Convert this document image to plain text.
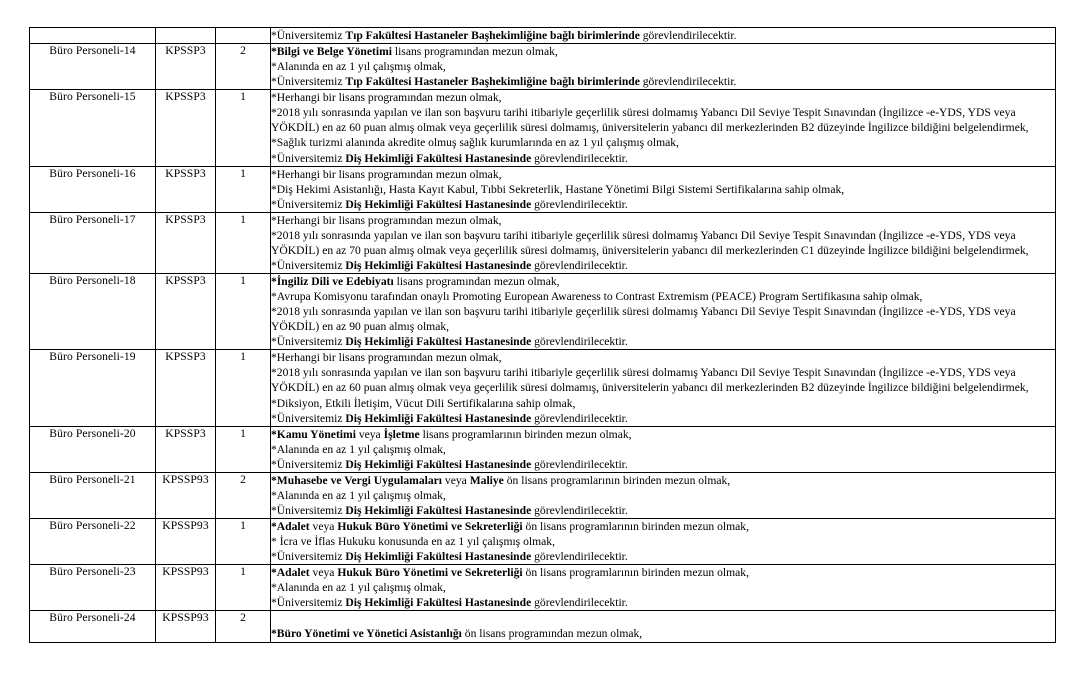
			*Üniversitemiz Tıp Fakültesi Hastaneler Başhekimliğine bağlı birimlerinde görevlendirilecektir.

Büro Personeli-14	KPSSP3	2	*Bilgi ve Belge Yönetimi lisans programından mezun olmak,
*Alanında en az 1 yıl çalışmış olmak,
*Üniversitemiz Tıp Fakültesi Hastaneler Başhekimliğine bağlı birimlerinde görevlendirilecektir.

Büro Personeli-15	KPSSP3	1	*Herhangi bir lisans programından mezun olmak,
*2018 yılı sonrasında yapılan ve ilan son başvuru tarihi itibariyle geçerlilik süresi dolmamış Yabancı Dil Seviye Tespit Sınavından (İngilizce -e-YDS, YDS veya YÖKDİL) en az 60 puan almış olmak veya geçerlilik süresi dolmamış, üniversitelerin yabancı dil merkezlerinden B2 düzeyinde İngilizce bildiğini belgelendirmek,
*Sağlık turizmi alanında akredite olmuş sağlık kurumlarında en az 1 yıl çalışmış olmak,
*Üniversitemiz Diş Hekimliği Fakültesi Hastanesinde görevlendirilecektir.

Büro Personeli-16	KPSSP3	1	*Herhangi bir lisans programından mezun olmak,
*Diş Hekimi Asistanlığı, Hasta Kayıt Kabul, Tıbbi Sekreterlik, Hastane Yönetimi Bilgi Sistemi Sertifikalarına sahip olmak,
*Üniversitemiz Diş Hekimliği Fakültesi Hastanesinde görevlendirilecektir.

Büro Personeli-17	KPSSP3	1	*Herhangi bir lisans programından mezun olmak,
*2018 yılı sonrasında yapılan ve ilan son başvuru tarihi itibariyle geçerlilik süresi dolmamış Yabancı Dil Seviye Tespit Sınavından (İngilizce -e-YDS, YDS veya YÖKDİL) en az 70 puan almış olmak veya geçerlilik süresi dolmamış, üniversitelerin yabancı dil merkezlerinden C1 düzeyinde İngilizce bildiğini belgelendirmek,
*Üniversitemiz Diş Hekimliği Fakültesi Hastanesinde görevlendirilecektir.

Büro Personeli-18	KPSSP3	1	*İngiliz Dili ve Edebiyatı lisans programından mezun olmak,
*Avrupa Komisyonu tarafından onaylı Promoting European Awareness to Contrast Extremism (PEACE) Program Sertifikasına sahip olmak,
*2018 yılı sonrasında yapılan ve ilan son başvuru tarihi itibariyle geçerlilik süresi dolmamış Yabancı Dil Seviye Tespit Sınavından (İngilizce -e-YDS, YDS veya YÖKDİL) en az 90 puan almış olmak,
*Üniversitemiz Diş Hekimliği Fakültesi Hastanesinde görevlendirilecektir.

Büro Personeli-19	KPSSP3	1	*Herhangi bir lisans programından mezun olmak,
*2018 yılı sonrasında yapılan ve ilan son başvuru tarihi itibariyle geçerlilik süresi dolmamış Yabancı Dil Seviye Tespit Sınavından (İngilizce -e-YDS, YDS veya YÖKDİL) en az 60 puan almış olmak veya geçerlilik süresi dolmamış, üniversitelerin yabancı dil merkezlerinden B2 düzeyinde İngilizce bildiğini belgelendirmek,
*Diksiyon, Etkili İletişim, Vücut Dili Sertifikalarına sahip olmak,
*Üniversitemiz Diş Hekimliği Fakültesi Hastanesinde görevlendirilecektir.

Büro Personeli-20	KPSSP3	1	*Kamu Yönetimi veya İşletme lisans programlarının birinden mezun olmak,
*Alanında en az 1 yıl çalışmış olmak,
*Üniversitemiz Diş Hekimliği Fakültesi Hastanesinde görevlendirilecektir.

Büro Personeli-21	KPSSP93	2	*Muhasebe ve Vergi Uygulamaları veya Maliye ön lisans programlarının birinden mezun olmak,
*Alanında en az 1 yıl çalışmış olmak,
*Üniversitemiz Diş Hekimliği Fakültesi Hastanesinde görevlendirilecektir.

Büro Personeli-22	KPSSP93	1	*Adalet veya Hukuk Büro Yönetimi ve Sekreterliği ön lisans programlarının birinden mezun olmak,
* İcra ve İflas Hukuku konusunda en az 1 yıl çalışmış olmak,
*Üniversitemiz Diş Hekimliği Fakültesi Hastanesinde görevlendirilecektir.

Büro Personeli-23	KPSSP93	1	*Adalet veya Hukuk Büro Yönetimi ve Sekreterliği ön lisans programlarının birinden mezun olmak,
*Alanında en az 1 yıl çalışmış olmak,
*Üniversitemiz Diş Hekimliği Fakültesi Hastanesinde görevlendirilecektir.

Büro Personeli-24	KPSSP93	2	*Büro Yönetimi ve Yönetici Asistanlığı ön lisans programından mezun olmak,
